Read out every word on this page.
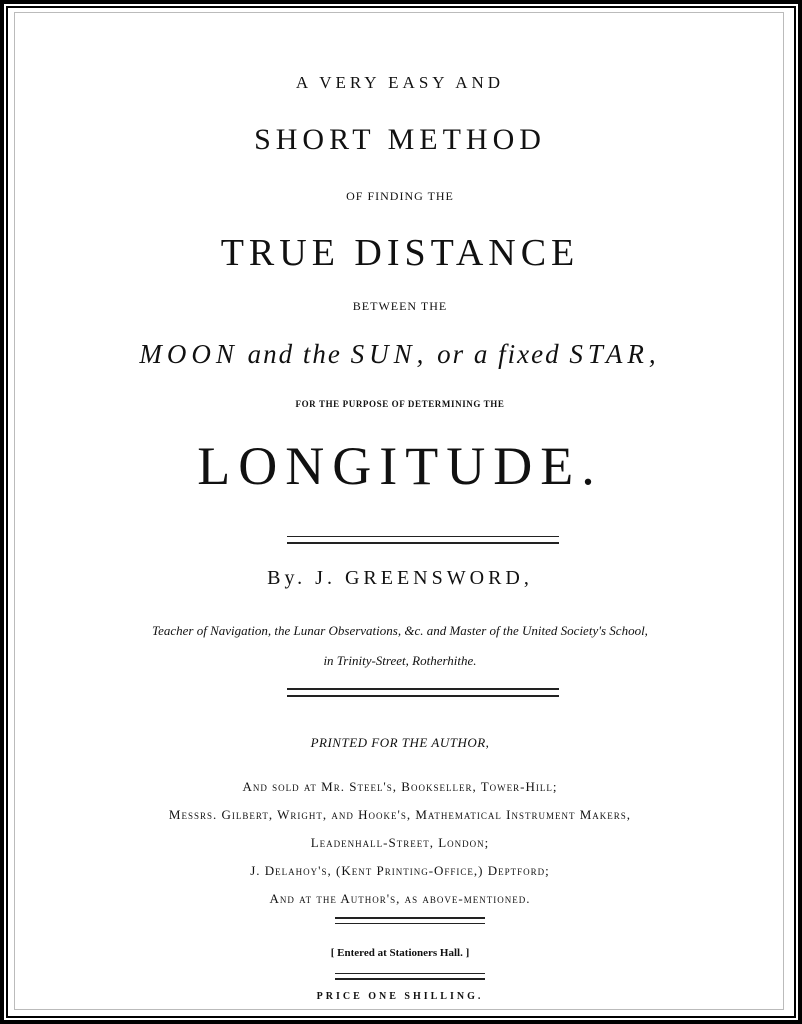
A VERY EASY AND
SHORT METHOD
OF FINDING THE
TRUE DISTANCE
BETWEEN THE
MOON and the SUN, or a fixed STAR,
FOR THE PURPOSE OF DETERMINING THE
LONGITUDE.
By. J. GREENSWORD,
Teacher of Navigation, the Lunar Observations, &c. and Master of the United Society's School,
in Trinity-Street, Rotherhithe.
PRINTED FOR THE AUTHOR,
And sold at Mr. Steel's, Bookseller, Tower-Hill;
Messrs. Gilbert, Wright, and Hooke's, Mathematical Instrument Makers,
Leadenhall-Street, London;
J. Delahoy's, (Kent Printing-Office,) Deptford;
And at the Author's, as above-mentioned.
[ Entered at Stationers Hall. ]
PRICE ONE SHILLING.
